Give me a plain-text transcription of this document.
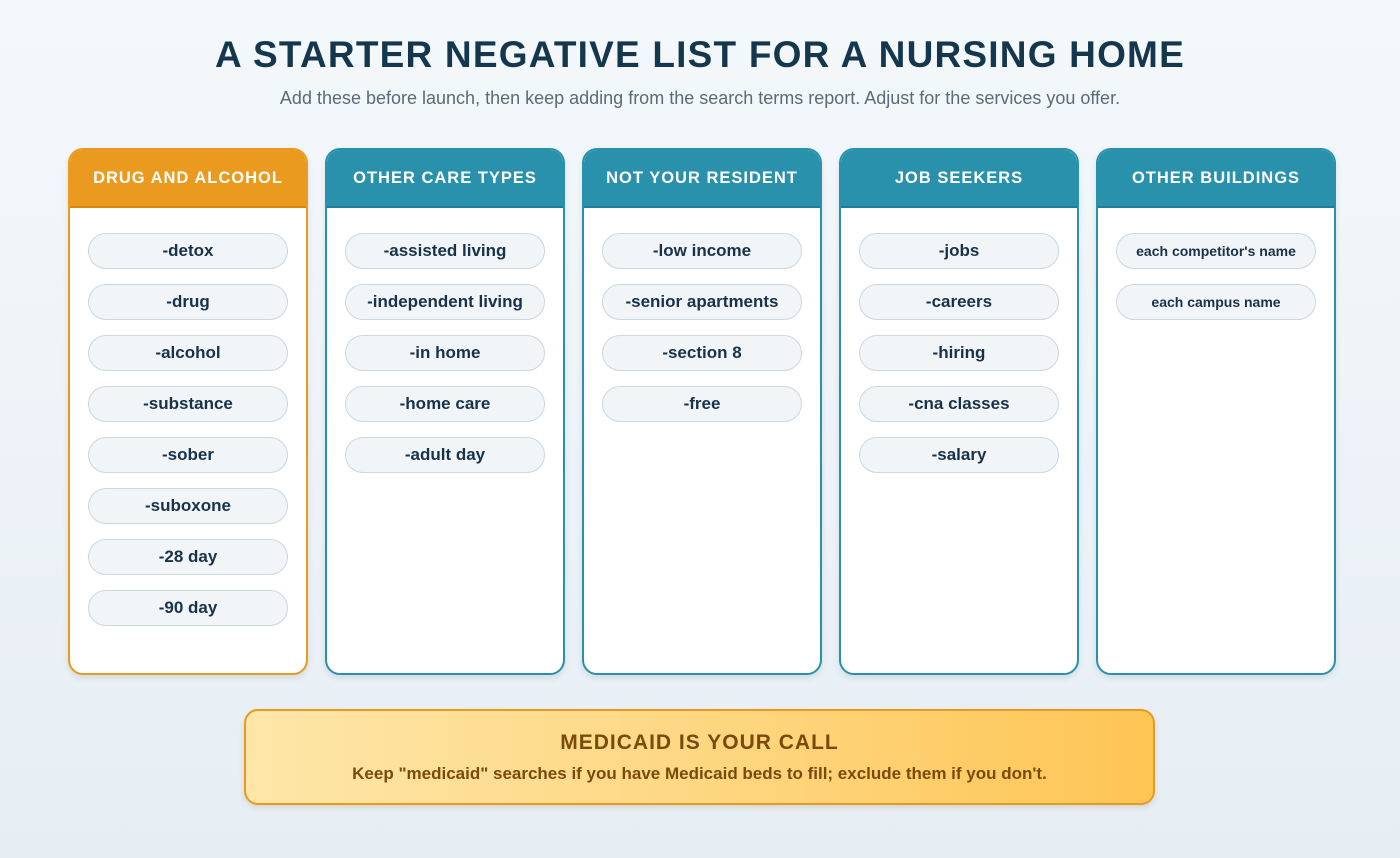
A STARTER NEGATIVE LIST FOR A NURSING HOME

Add these before launch, then keep adding from the search terms report. Adjust for the services you offer.

DRUG AND ALCOHOL
-detox
-drug
-alcohol
-substance
-sober
-suboxone
-28 day
-90 day
OTHER CARE TYPES
-assisted living
-independent living
-in home
-home care
-adult day
NOT YOUR RESIDENT
-low income
-senior apartments
-section 8
-free
JOB SEEKERS
-jobs
-careers
-hiring
-cna classes
-salary
OTHER BUILDINGS
each competitor's name
each campus name
MEDICAID IS YOUR CALL
Keep "medicaid" searches if you have Medicaid beds to fill; exclude them if you don't.
